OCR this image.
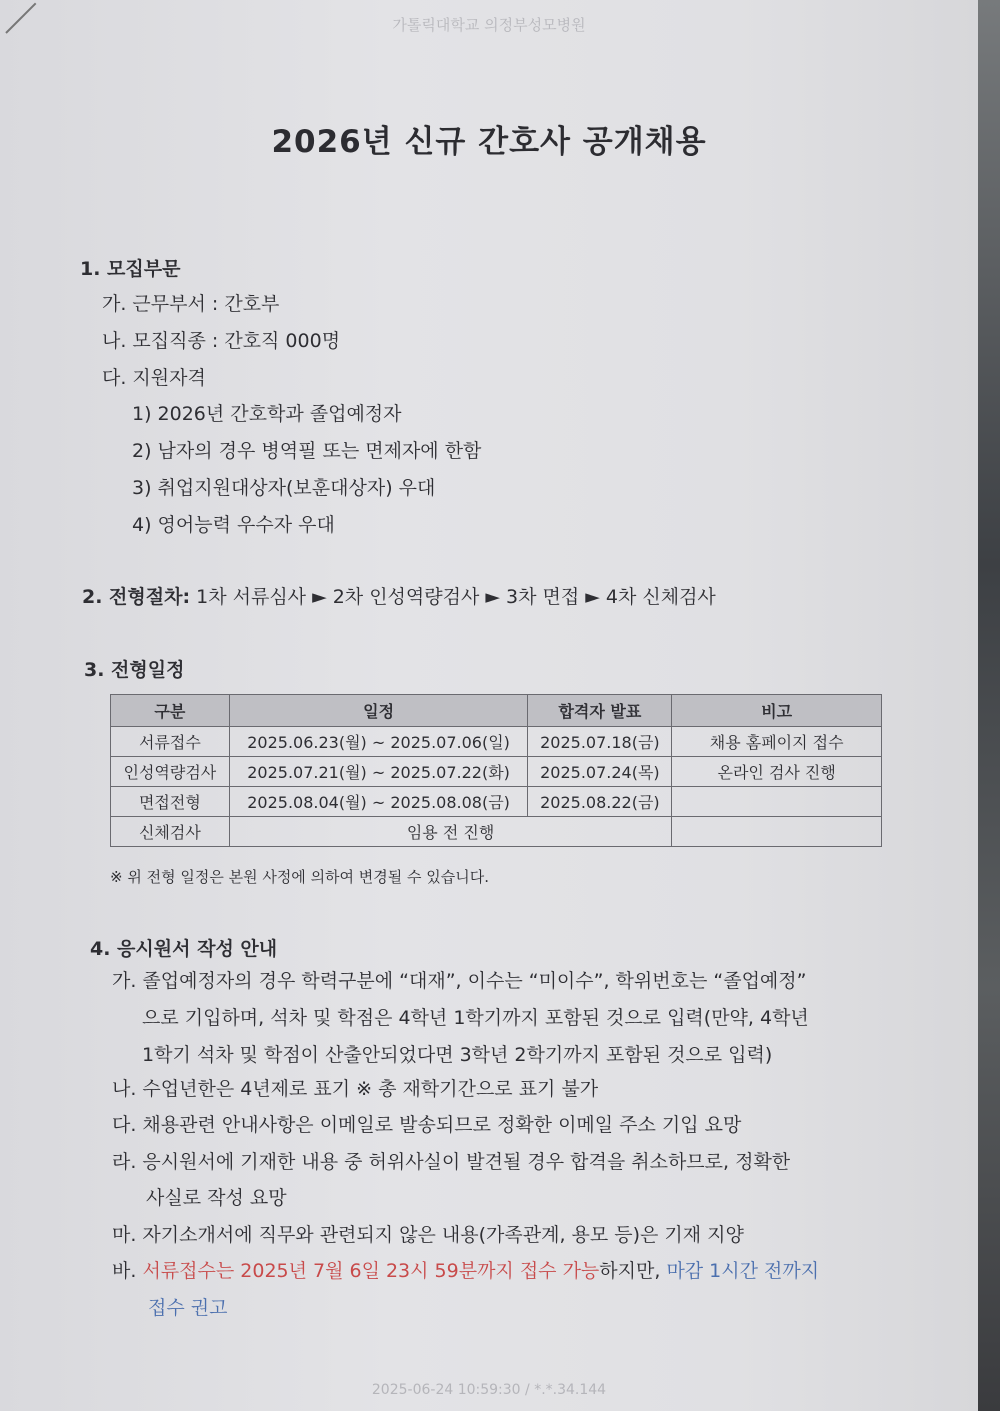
가톨릭대학교 의정부성모병원
2026년 신규 간호사 공개채용
1. 모집부문
가. 근무부서 : 간호부
나. 모집직종 : 간호직 000명
다. 지원자격
1) 2026년 간호학과 졸업예정자
2) 남자의 경우 병역필 또는 면제자에 한함
3) 취업지원대상자(보훈대상자) 우대
4) 영어능력 우수자 우대
2. 전형절차: 1차 서류심사 ► 2차 인성역량검사 ► 3차 면접 ► 4차 신체검사
3. 전형일정
구분	일정	합격자 발표	비고
서류접수	2025.06.23(월) ~ 2025.07.06(일)	2025.07.18(금)	채용 홈페이지 접수
인성역량검사	2025.07.21(월) ~ 2025.07.22(화)	2025.07.24(목)	온라인 검사 진행
면접전형	2025.08.04(월) ~ 2025.08.08(금)	2025.08.22(금)	
신체검사	임용 전 진행		
※ 위 전형 일정은 본원 사정에 의하여 변경될 수 있습니다.
4. 응시원서 작성 안내
가. 졸업예정자의 경우 학력구분에 “대재”, 이수는 “미이수”, 학위번호는 “졸업예정”
으로 기입하며, 석차 및 학점은 4학년 1학기까지 포함된 것으로 입력(만약, 4학년
1학기 석차 및 학점이 산출안되었다면 3학년 2학기까지 포함된 것으로 입력)
나. 수업년한은 4년제로 표기 ※ 총 재학기간으로 표기 불가
다. 채용관련 안내사항은 이메일로 발송되므로 정확한 이메일 주소 기입 요망
라. 응시원서에 기재한 내용 중 허위사실이 발견될 경우 합격을 취소하므로, 정확한
사실로 작성 요망
마. 자기소개서에 직무와 관련되지 않은 내용(가족관계, 용모 등)은 기재 지양
바. 서류접수는 2025년 7월 6일 23시 59분까지 접수 가능하지만, 마감 1시간 전까지
접수 권고
2025-06-24 10:59:30 / *.*.34.144
